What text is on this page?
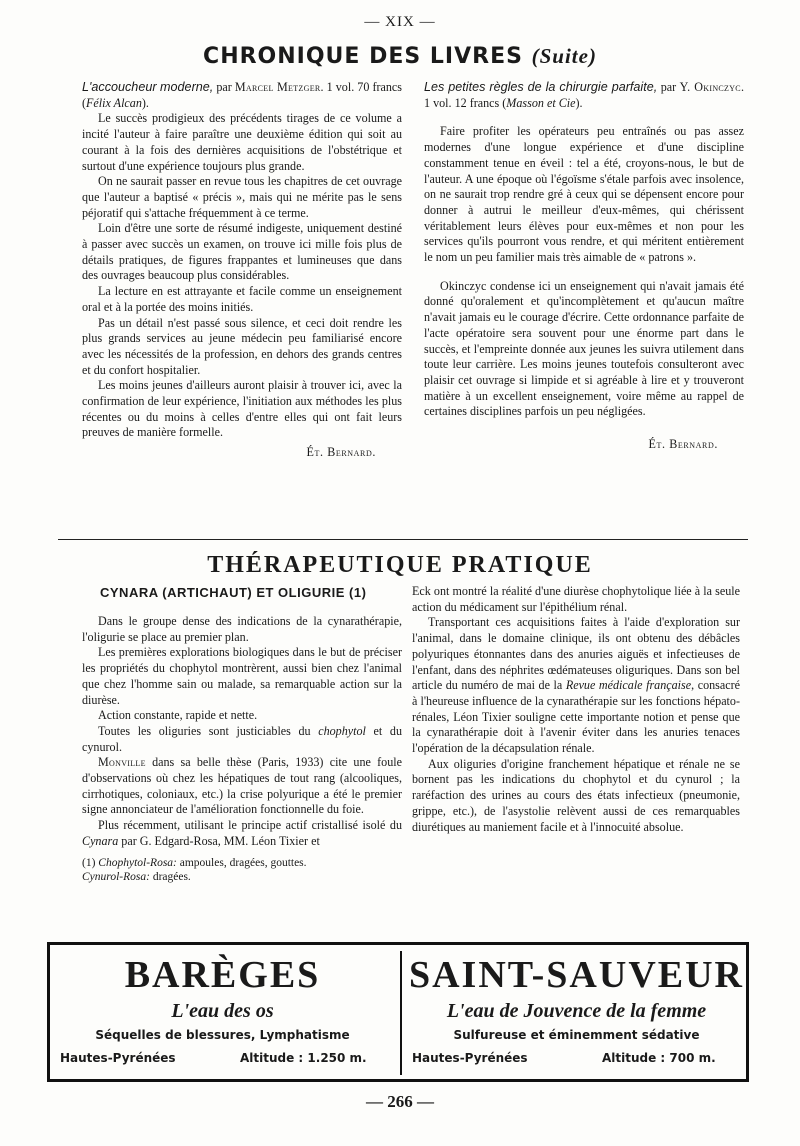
— XIX —
CHRONIQUE DES LIVRES (Suite)

L'accoucheur moderne, par Marcel Metzger. 1 vol. 70 francs (Félix Alcan).

Le succès prodigieux des précédents tirages de ce volume a incité l'auteur à faire paraître une deuxième édition qui soit au courant à la fois des dernières acquisitions de l'obstétrique et surtout d'une expérience toujours plus grande.

On ne saurait passer en revue tous les chapitres de cet ouvrage que l'auteur a baptisé « précis », mais qui ne mérite pas le sens péjoratif qui s'attache fréquemment à ce terme.

Loin d'être une sorte de résumé indigeste, uniquement destiné à passer avec succès un examen, on trouve ici mille fois plus de détails pratiques, de figures frappantes et lumineuses que dans des ouvrages beaucoup plus considérables.

La lecture en est attrayante et facile comme un enseignement oral et à la portée des moins initiés.

Pas un détail n'est passé sous silence, et ceci doit rendre les plus grands services au jeune médecin peu familiarisé encore avec les nécessités de la profession, en dehors des grands centres et du confort hospitalier.

Les moins jeunes d'ailleurs auront plaisir à trouver ici, avec la confirmation de leur expérience, l'initiation aux méthodes les plus récentes ou du moins à celles d'entre elles qui ont fait leurs preuves de manière formelle.

Ét. Bernard.

Les petites règles de la chirurgie parfaite, par Y. Okinczyc. 1 vol. 12 francs (Masson et Cie).

Faire profiter les opérateurs peu entraînés ou pas assez modernes d'une longue expérience et d'une discipline constamment tenue en éveil : tel a été, croyons-nous, le but de l'auteur. A une époque où l'égoïsme s'étale parfois avec insolence, on ne saurait trop rendre gré à ceux qui se dépensent encore pour donner à autrui le meilleur d'eux-mêmes, qui chérissent véritablement leurs élèves pour eux-mêmes et non pour les services qu'ils pourront vous rendre, et qui méritent entièrement le nom un peu familier mais très aimable de « patrons ».

Okinczyc condense ici un enseignement qui n'avait jamais été donné qu'oralement et qu'incomplètement et qu'aucun maître n'avait jamais eu le courage d'écrire. Cette ordonnance parfaite de l'acte opératoire sera souvent pour une énorme part dans le succès, et l'empreinte donnée aux jeunes les suivra utilement dans toute leur carrière. Les moins jeunes toutefois consulteront avec plaisir cet ouvrage si limpide et si agréable à lire et y trouveront matière à un excellent enseignement, voire même au rappel de certaines disciplines parfois un peu négligées.

Ét. Bernard.
THÉRAPEUTIQUE PRATIQUE
CYNARA (ARTICHAUT) ET OLIGURIE (1)

Dans le groupe dense des indications de la cynarathérapie, l'oligurie se place au premier plan.

Les premières explorations biologiques dans le but de préciser les propriétés du chophytol montrèrent, aussi bien chez l'animal que chez l'homme sain ou malade, sa remarquable action sur la diurèse.

Action constante, rapide et nette.

Toutes les oliguries sont justiciables du chophytol et du cynurol.

Monville dans sa belle thèse (Paris, 1933) cite une foule d'observations où chez les hépatiques de tout rang (alcooliques, cirrhotiques, coloniaux, etc.) la crise polyurique a été le premier signe annonciateur de l'amélioration fonctionnelle du foie.

Plus récemment, utilisant le principe actif cristallisé isolé du Cynara par G. Edgard-Rosa, MM. Léon Tixier et

(1) Chophytol-Rosa: ampoules, dragées, gouttes.
Cynurol-Rosa: dragées.

Eck ont montré la réalité d'une diurèse chophytolique liée à la seule action du médicament sur l'épithélium rénal.

Transportant ces acquisitions faites à l'aide d'exploration sur l'animal, dans le domaine clinique, ils ont obtenu des débâcles polyuriques étonnantes dans des anuries aiguës et infectieuses de l'enfant, dans des néphrites œdémateuses oliguriques. Dans son bel article du numéro de mai de la Revue médicale française, consacré à l'heureuse influence de la cynarathérapie sur les fonctions hépato-rénales, Léon Tixier souligne cette importante notion et pense que la cynarathérapie doit à l'avenir éviter dans les anuries tenaces l'opération de la décapsulation rénale.

Aux oliguries d'origine franchement hépatique et rénale ne se bornent pas les indications du chophytol et du cynurol ; la raréfaction des urines au cours des états infectieux (pneumonie, grippe, etc.), de l'asystolie relèvent aussi de ces remarquables diurétiques au maniement facile et à l'innocuité absolue.

BARÈGES
L'eau des os
Séquelles de blessures, Lymphatisme
Hautes-Pyrénées	Altitude : 1.250 m.
SAINT-SAUVEUR
L'eau de Jouvence de la femme
Sulfureuse et éminemment sédative
Hautes-Pyrénées	Altitude : 700 m.
— 266 —
